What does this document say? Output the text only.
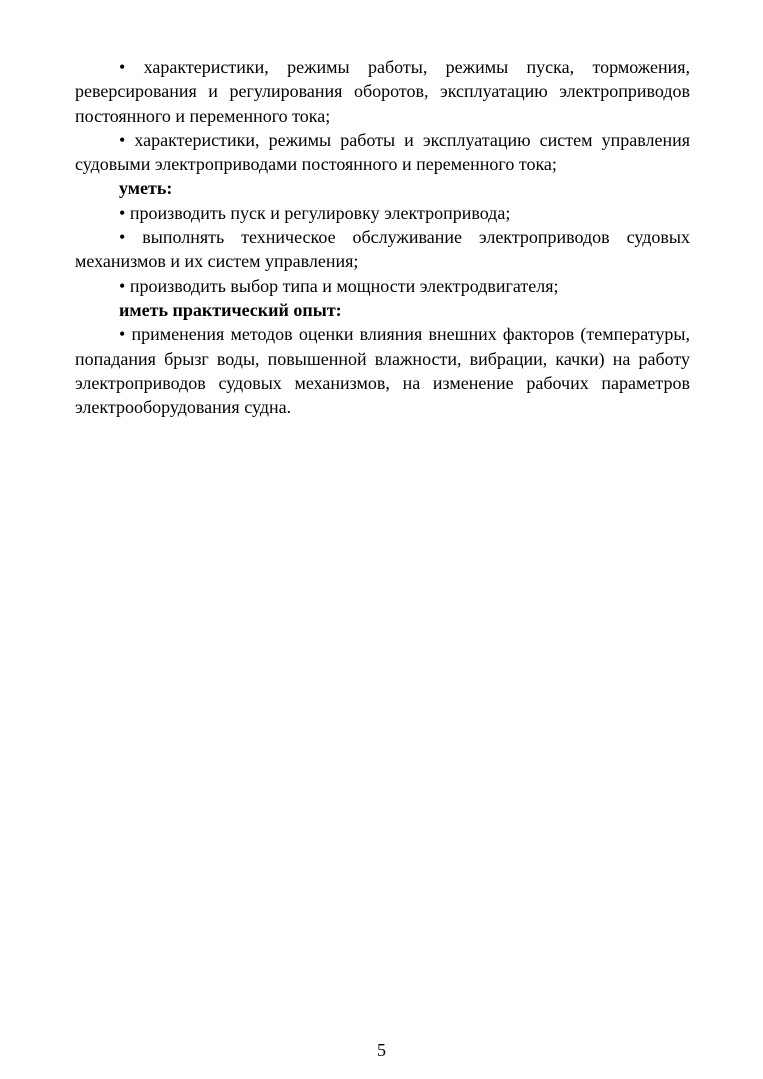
• характеристики, режимы работы, режимы пуска, торможения, реверсирования и регулирования оборотов, эксплуатацию электроприводов постоянного и переменного тока;

• характеристики, режимы работы и эксплуатацию систем управления судовыми электроприводами постоянного и переменного тока;

уметь:

• производить пуск и регулировку электропривода;

• выполнять техническое обслуживание электроприводов судовых механизмов и их систем управления;

• производить выбор типа и мощности электродвигателя;

иметь практический опыт:

• применения методов оценки влияния внешних факторов (температуры, попадания брызг воды, повышенной влажности, вибрации, качки) на работу электроприводов судовых механизмов, на изменение рабочих параметров электрооборудования судна.

5
